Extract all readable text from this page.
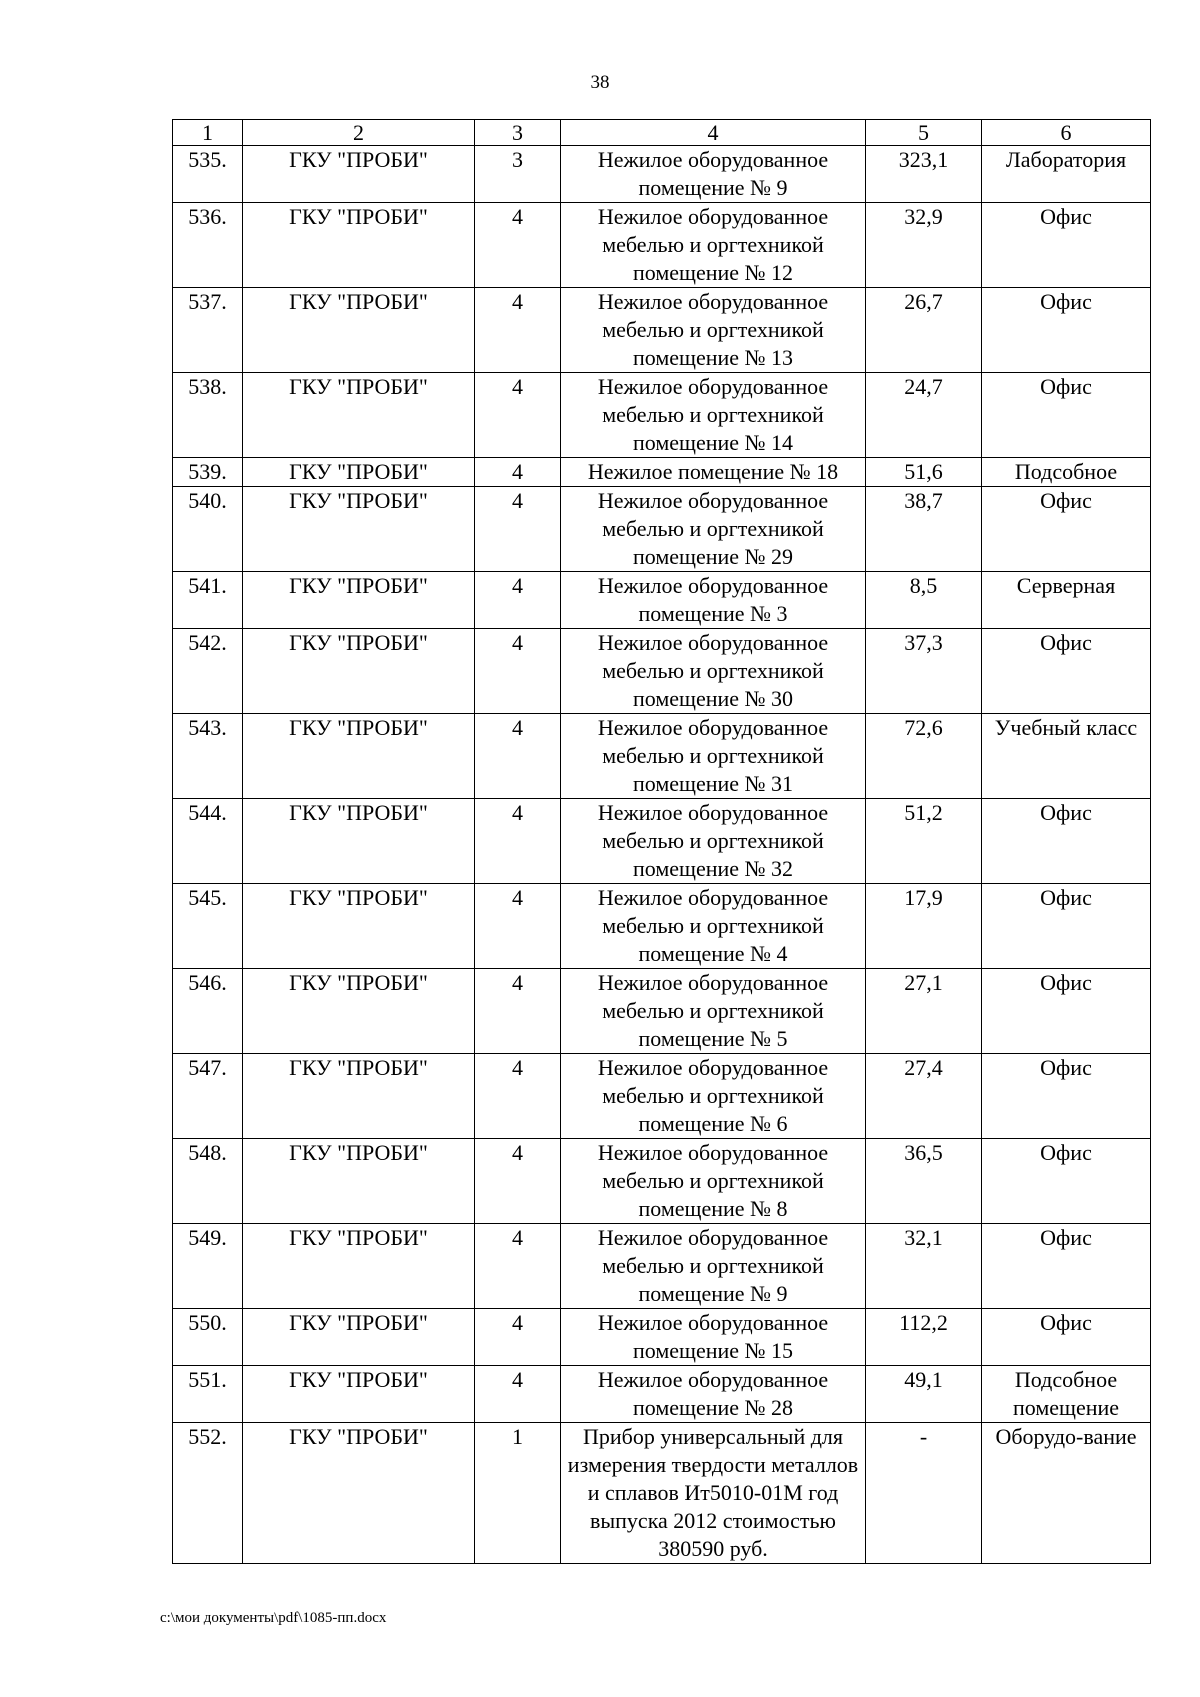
38
1	2	3	4	5	6
535.	ГКУ "ПРОБИ"	3	Нежилое оборудованное помещение № 9	323,1	Лаборатория
536.	ГКУ "ПРОБИ"	4	Нежилое оборудованное мебелью и оргтехникой помещение № 12	32,9	Офис
537.	ГКУ "ПРОБИ"	4	Нежилое оборудованное мебелью и оргтехникой помещение № 13	26,7	Офис
538.	ГКУ "ПРОБИ"	4	Нежилое оборудованное мебелью и оргтехникой помещение № 14	24,7	Офис
539.	ГКУ "ПРОБИ"	4	Нежилое помещение № 18	51,6	Подсобное
540.	ГКУ "ПРОБИ"	4	Нежилое оборудованное мебелью и оргтехникой помещение № 29	38,7	Офис
541.	ГКУ "ПРОБИ"	4	Нежилое оборудованное помещение № 3	8,5	Серверная
542.	ГКУ "ПРОБИ"	4	Нежилое оборудованное мебелью и оргтехникой помещение № 30	37,3	Офис
543.	ГКУ "ПРОБИ"	4	Нежилое оборудованное мебелью и оргтехникой помещение № 31	72,6	Учебный класс
544.	ГКУ "ПРОБИ"	4	Нежилое оборудованное мебелью и оргтехникой помещение № 32	51,2	Офис
545.	ГКУ "ПРОБИ"	4	Нежилое оборудованное мебелью и оргтехникой помещение № 4	17,9	Офис
546.	ГКУ "ПРОБИ"	4	Нежилое оборудованное мебелью и оргтехникой помещение № 5	27,1	Офис
547.	ГКУ "ПРОБИ"	4	Нежилое оборудованное мебелью и оргтехникой помещение № 6	27,4	Офис
548.	ГКУ "ПРОБИ"	4	Нежилое оборудованное мебелью и оргтехникой помещение № 8	36,5	Офис
549.	ГКУ "ПРОБИ"	4	Нежилое оборудованное мебелью и оргтехникой помещение № 9	32,1	Офис
550.	ГКУ "ПРОБИ"	4	Нежилое оборудованное помещение № 15	112,2	Офис
551.	ГКУ "ПРОБИ"	4	Нежилое оборудованное помещение № 28	49,1	Подсобное помещение
552.	ГКУ "ПРОБИ"	1	Прибор универсальный для измерения твердости металлов и сплавов Ит5010-01М год выпуска 2012 стоимостью 380590 руб.	-	Оборудо-вание
c:\мои документы\pdf\1085-пп.docx
